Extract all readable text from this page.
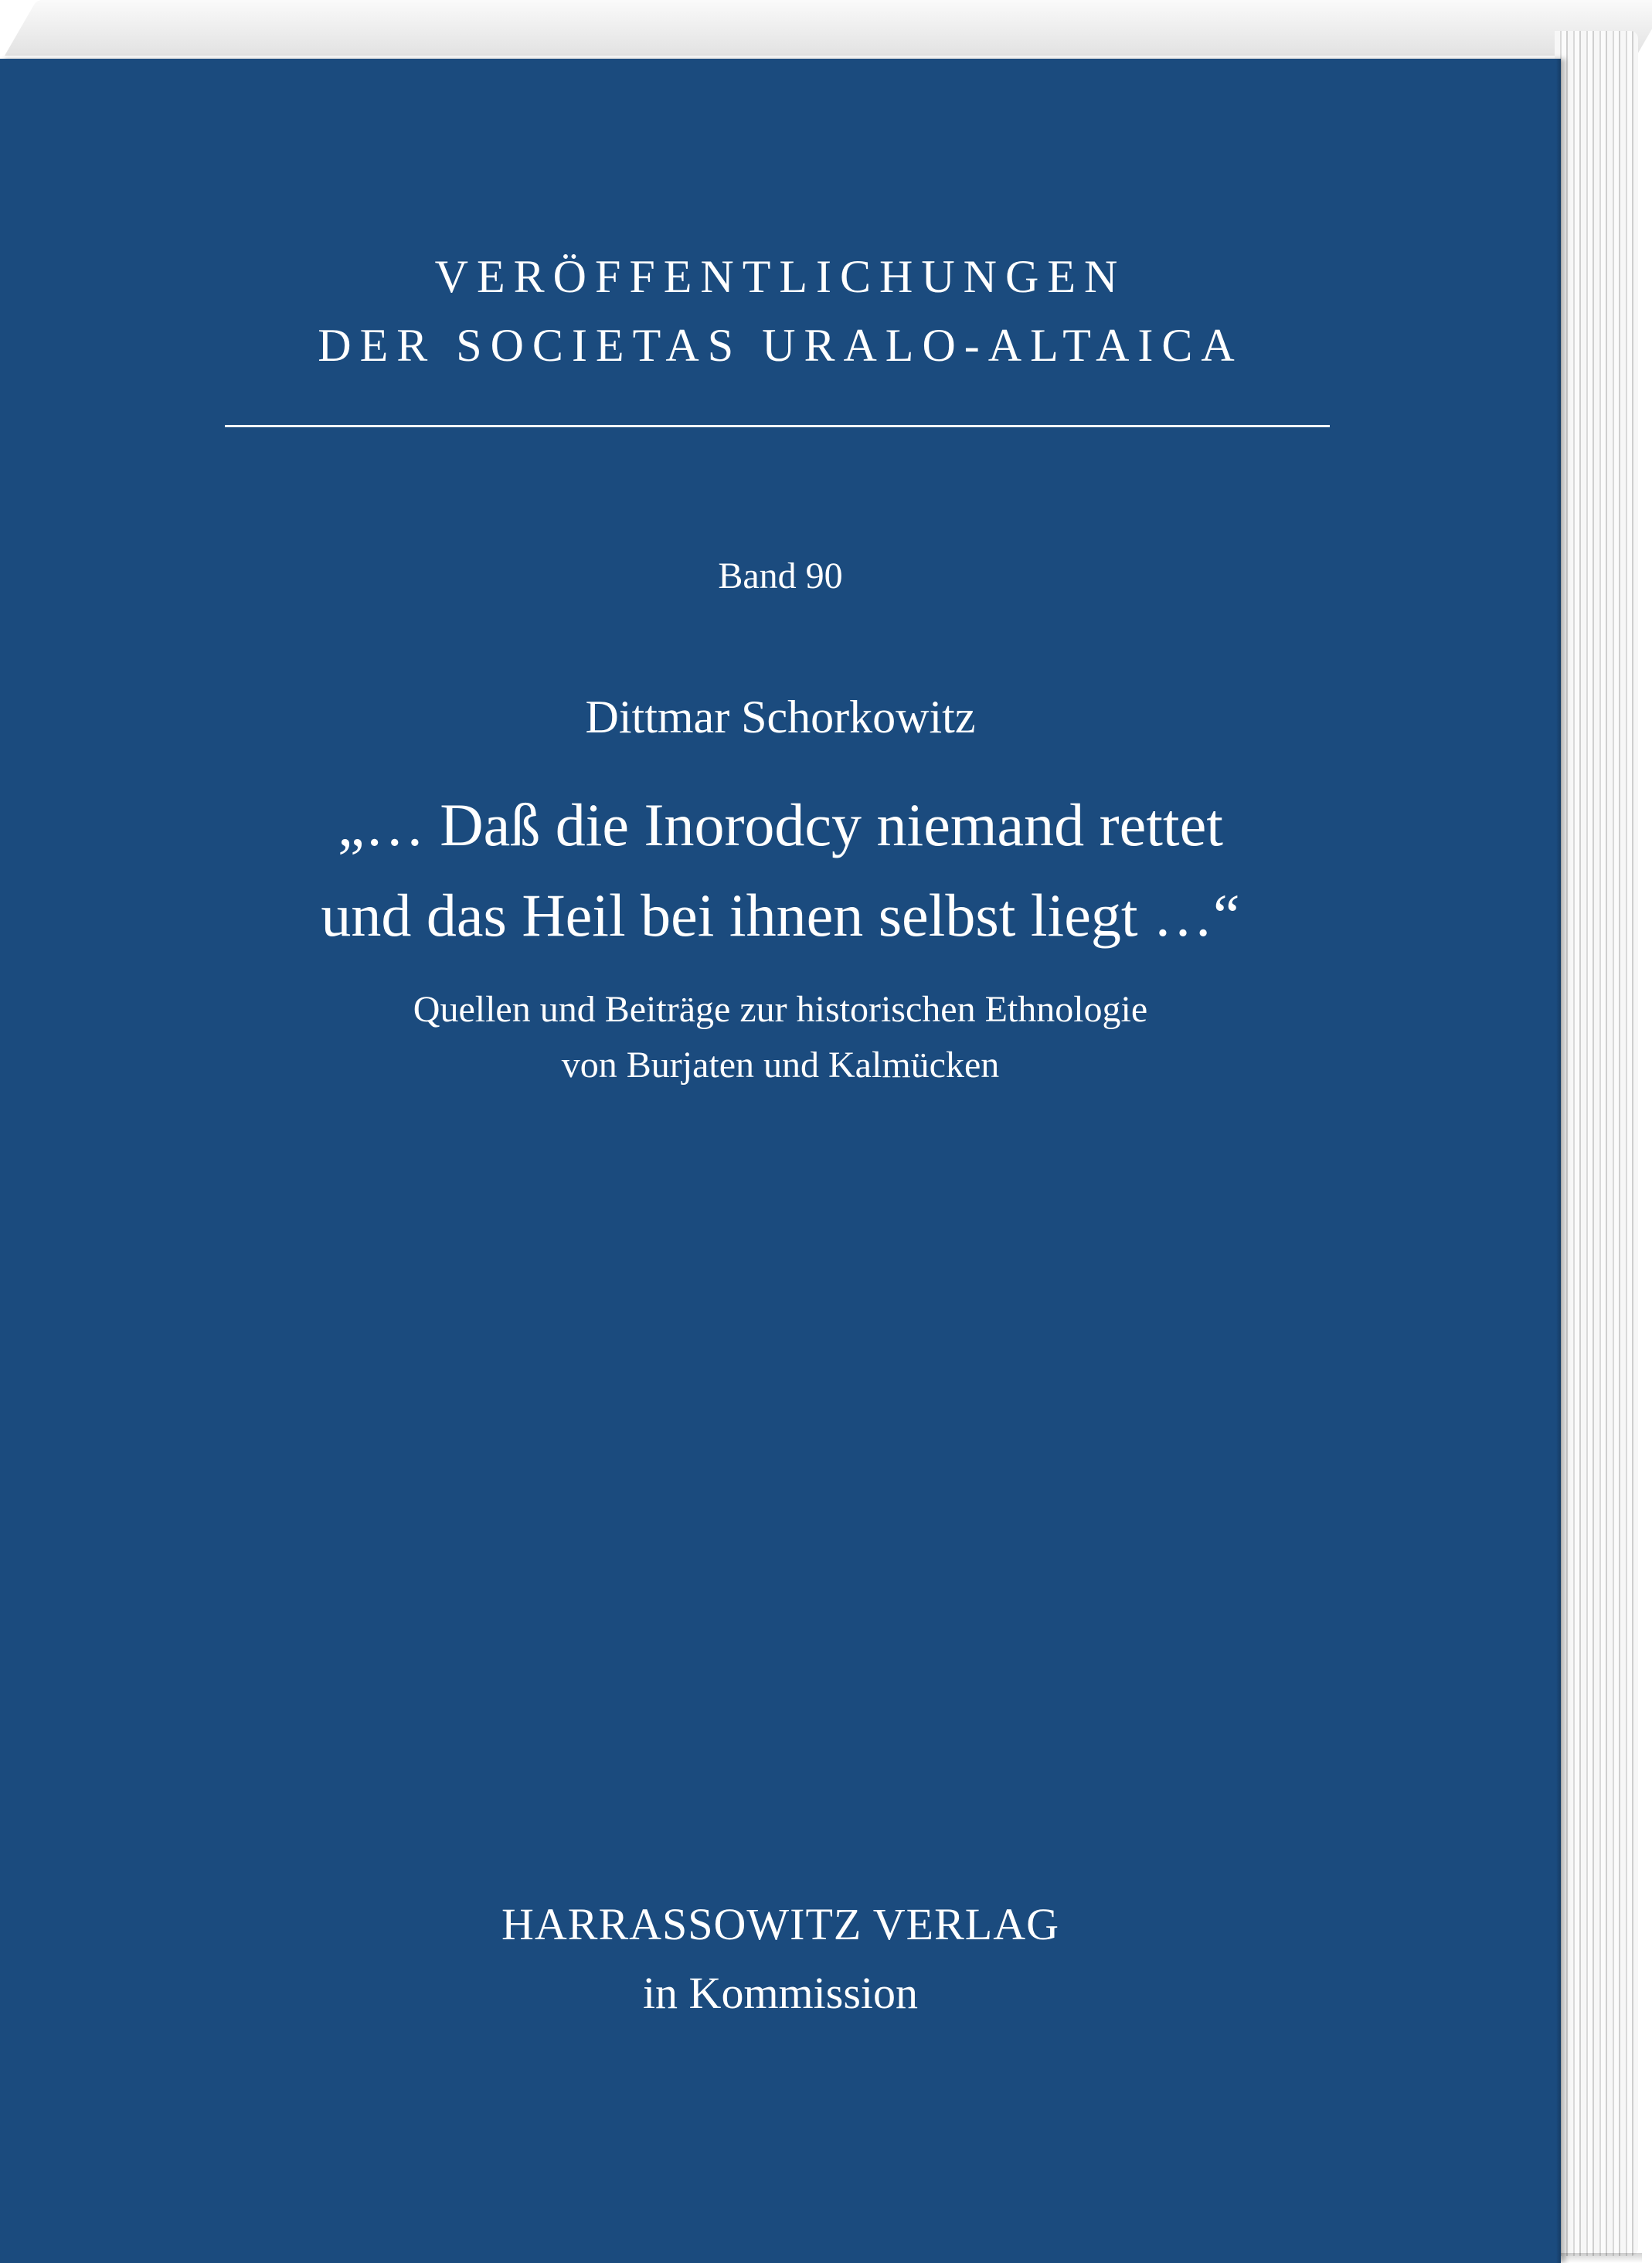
VERÖFFENTLICHUNGEN
DER SOCIETAS URALO-ALTAICA
Band 90
Dittmar Schorkowitz
„… Daß die Inorodcy niemand rettet
und das Heil bei ihnen selbst liegt …“
Quellen und Beiträge zur historischen Ethnologie
von Burjaten und Kalmücken
HARRASSOWITZ VERLAG
in Kommission
